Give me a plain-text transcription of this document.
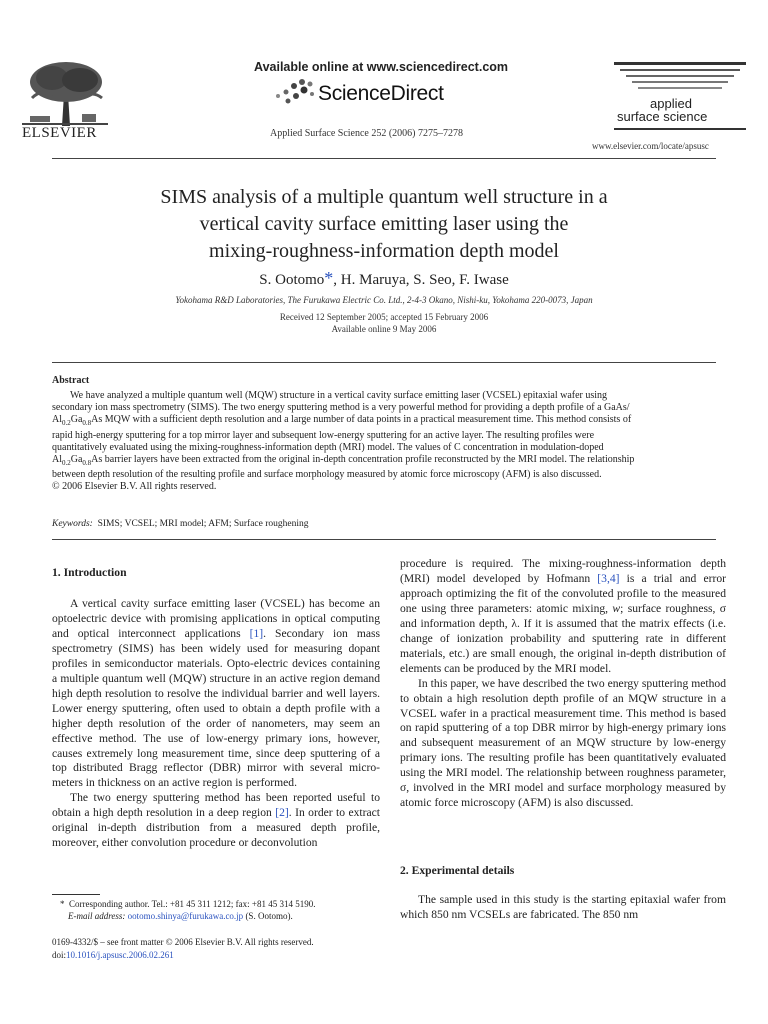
ELSEVIER
Available online at www.sciencedirect.com
ScienceDirect
Applied Surface Science 252 (2006) 7275–7278
applied
surface science
www.elsevier.com/locate/apsusc
SIMS analysis of a multiple quantum well structure in a
vertical cavity surface emitting laser using the
mixing-roughness-information depth model
S. Ootomo*, H. Maruya, S. Seo, F. Iwase
Yokohama R&D Laboratories, The Furukawa Electric Co. Ltd., 2-4-3 Okano, Nishi-ku, Yokohama 220-0073, Japan
Received 12 September 2005; accepted 15 February 2006
Available online 9 May 2006
Abstract
We have analyzed a multiple quantum well (MQW) structure in a vertical cavity surface emitting laser (VCSEL) epitaxial wafer using
secondary ion mass spectrometry (SIMS). The two energy sputtering method is a very powerful method for providing a depth profile of a GaAs/
$Al_{0.2}Ga_{0.8}As$ MQW with a sufficient depth resolution and a large number of data points in a practical measurement time. This method consists of
rapid high-energy sputtering for a top mirror layer and subsequent low-energy sputtering for an active layer. The resulting profiles were
quantitatively evaluated using the mixing-roughness-information depth (MRI) model. The values of C concentration in modulation-doped
$Al_{0.2}Ga_{0.8}As$ barrier layers have been extracted from the original in-depth concentration profile reconstructed by the MRI model. The relationship
between depth resolution of the resulting profile and surface morphology measured by atomic force microscopy (AFM) is also discussed.
© 2006 Elsevier B.V. All rights reserved.
Keywords: SIMS; VCSEL; MRI model; AFM; Surface roughening
1. Introduction

A vertical cavity surface emitting laser (VCSEL) has become an optoelectric device with promising applications in optical computing and optical interconnect applications [1]. Secondary ion mass spectrometry (SIMS) has been widely used for measuring dopant profiles in semiconductor materials. Opto-electric devices containing a multiple quantum well (MQW) structure in an active region demand high depth resolution to resolve the individual barrier and well layers. Lower energy sputtering, often used to obtain a depth profile with a higher depth resolution of the order of nanometers, may seem an effective method. The use of low-energy primary ions, however, causes extremely long measurement time, since deep sputtering of a top distributed Bragg reflector (DBR) mirror with several micro-meters in thickness on an active region is performed.

The two energy sputtering method has been reported useful to obtain a high depth resolution in a deep region [2]. In order to extract original in-depth distribution from a measured depth profile, moreover, either convolution procedure or deconvolution

procedure is required. The mixing-roughness-information depth (MRI) model developed by Hofmann [3,4] is a trial and error approach optimizing the fit of the convoluted profile to the measured one using three parameters: atomic mixing, w; surface roughness, σ and information depth, λ. If it is assumed that the matrix effects (i.e. change of ionization probability and sputtering rate in different materials, etc.) are small enough, the original in-depth distribution of elements can be produced by the MRI model.

In this paper, we have described the two energy sputtering method to obtain a high resolution depth profile of an MQW structure in a VCSEL wafer in a practical measurement time. This method is based on rapid sputtering of a top DBR mirror by high-energy primary ions and subsequent measurement of an MQW structure by low-energy primary ions. The resulting profile has been quantitatively evaluated using the MRI model. The relationship between roughness parameter, σ, involved in the MRI model and surface morphology measured by atomic force microscopy (AFM) is also discussed.

2. Experimental details

The sample used in this study is the starting epitaxial wafer from which 850 nm VCSELs are fabricated. The 850 nm

* Corresponding author. Tel.: +81 45 311 1212; fax: +81 45 314 5190.
E-mail address: ootomo.shinya@furukawa.co.jp (S. Ootomo).
0169-4332/$ – see front matter © 2006 Elsevier B.V. All rights reserved.
doi:10.1016/j.apsusc.2006.02.261
